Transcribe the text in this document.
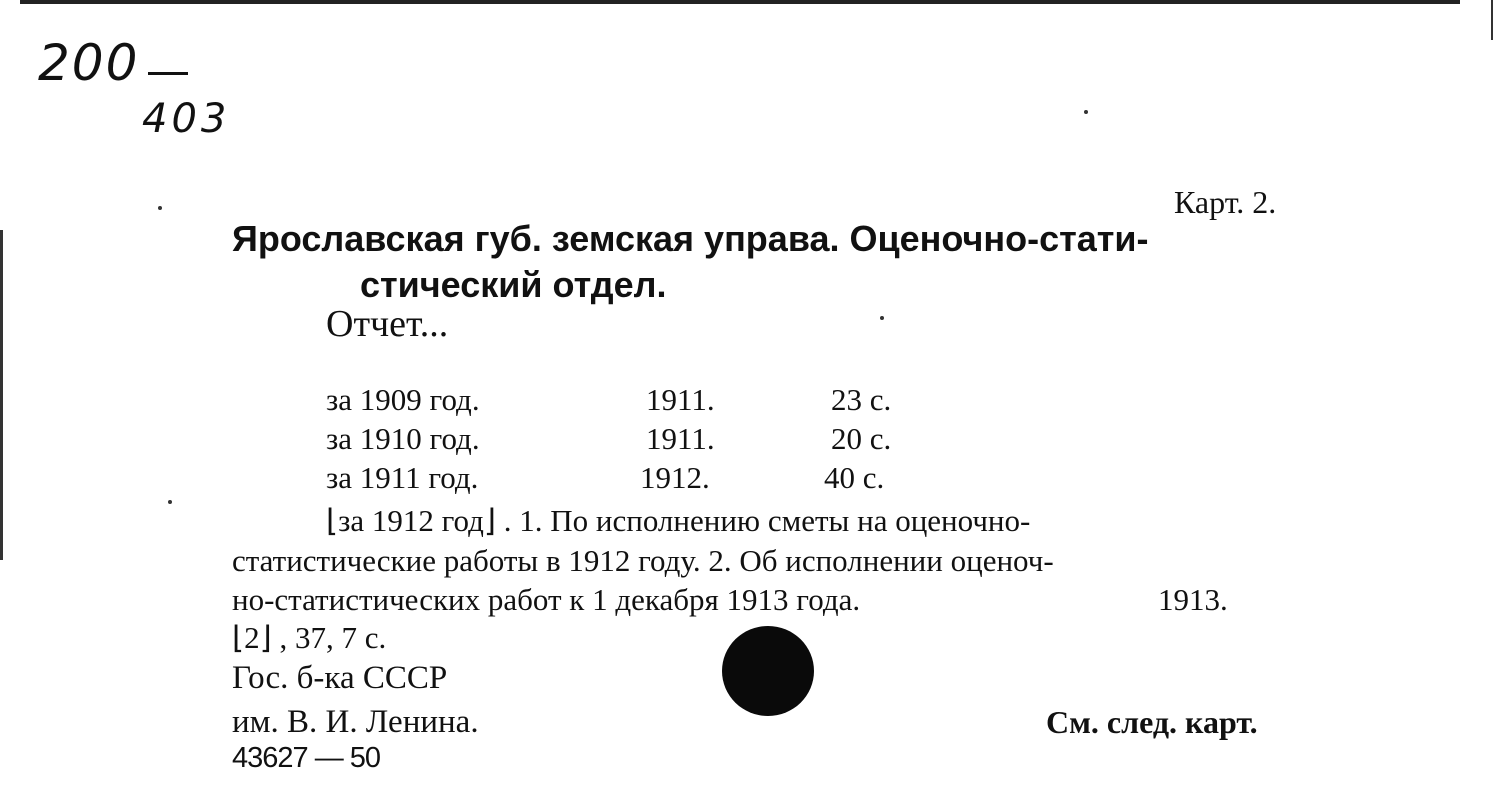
200
403
Карт. 2.
Ярославская губ. земская управа. Оценочно-стати-
стический отдел.
Отчет...
за 1909 год.	1911.	23 с.
за 1910 год.	1911.	20 с.
за 1911 год.	1912.	40 с.
⌊за 1912 год⌋ . 1. По исполнению сметы на оценочно-
статистические работы в 1912 году. 2. Об исполнении оценоч-
но-статистических работ к 1 декабря 1913 года.	1913.
⌊2⌋ , 37, 7 с.
Гос. б-ка СССР
им. В. И. Ленина.
43627 — 50
См. след. карт.
